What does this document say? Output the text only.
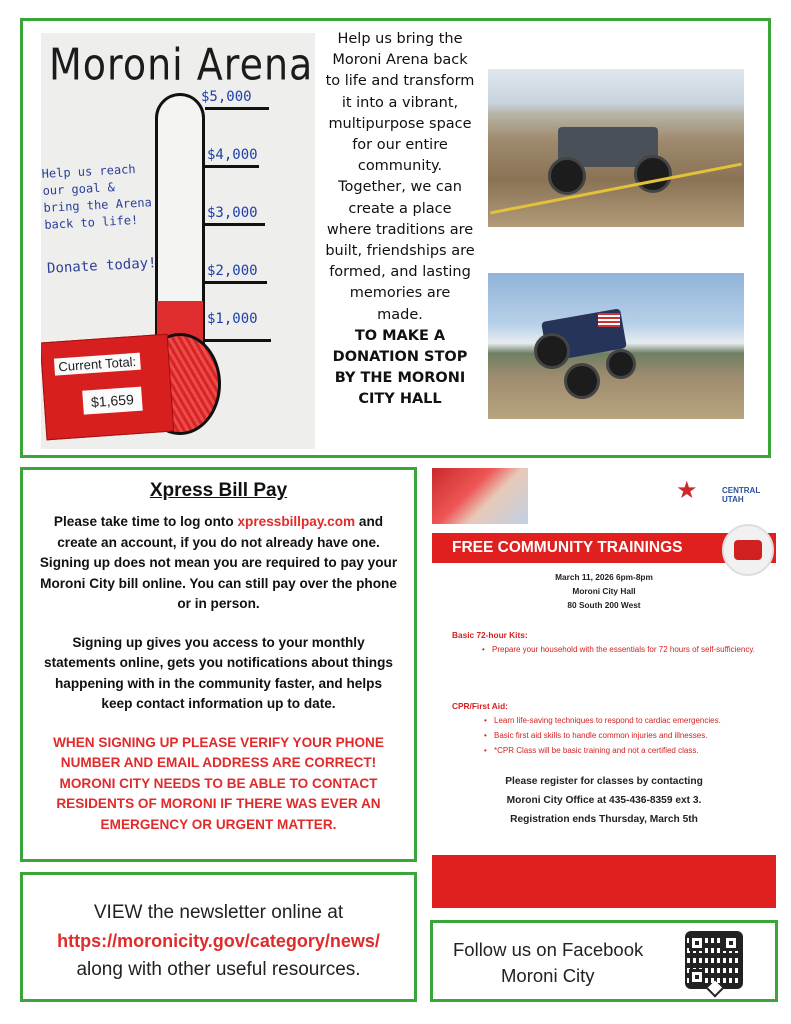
Moroni Arena
$5,000
$4,000
$3,000
$2,000
$1,000
Help us reach our goal & bring the Arena back to life!
Donate today!
Current Total:
$1,659
Help us bring the Moroni Arena back to life and transform it into a vibrant, multipurpose space for our entire community. Together, we can create a place where traditions are built, friendships are formed, and lasting memories are made.
TO MAKE A DONATION STOP BY THE MORONI CITY HALL
Xpress Bill Pay

Please take time to log onto xpressbillpay.com and create an account, if you do not already have one. Signing up does not mean you are required to pay your Moroni City bill online. You can still pay over the phone or in person.

Signing up gives you access to your monthly statements online, gets you notifications about things happening with in the community faster, and helps keep contact information up to date.

WHEN SIGNING UP PLEASE VERIFY YOUR PHONE NUMBER AND EMAIL ADDRESS ARE CORRECT! MORONI CITY NEEDS TO BE ABLE TO CONTACT RESIDENTS OF MORONI IF THERE WAS EVER AN EMERGENCY OR URGENT MATTER.

★	CENTRAL UTAH
FREE COMMUNITY TRAININGS
March 11, 2026 6pm-8pm
Moroni City Hall
80 South 200 West
Basic 72-hour Kits:
• Prepare your household with the essentials for 72 hours of self-sufficiency.
CPR/First Aid:
• Learn life-saving techniques to respond to cardiac emergencies.
• Basic first aid skills to handle common injuries and illnesses.
• *CPR Class will be basic training and not a certified class.
Please register for classes by contacting
Moroni City Office at 435-436-8359 ext 3.
Registration ends Thursday, March 5th
VIEW the newsletter online at
https://moronicity.gov/category/news/
along with other useful resources.
Follow us on Facebook
Moroni City
